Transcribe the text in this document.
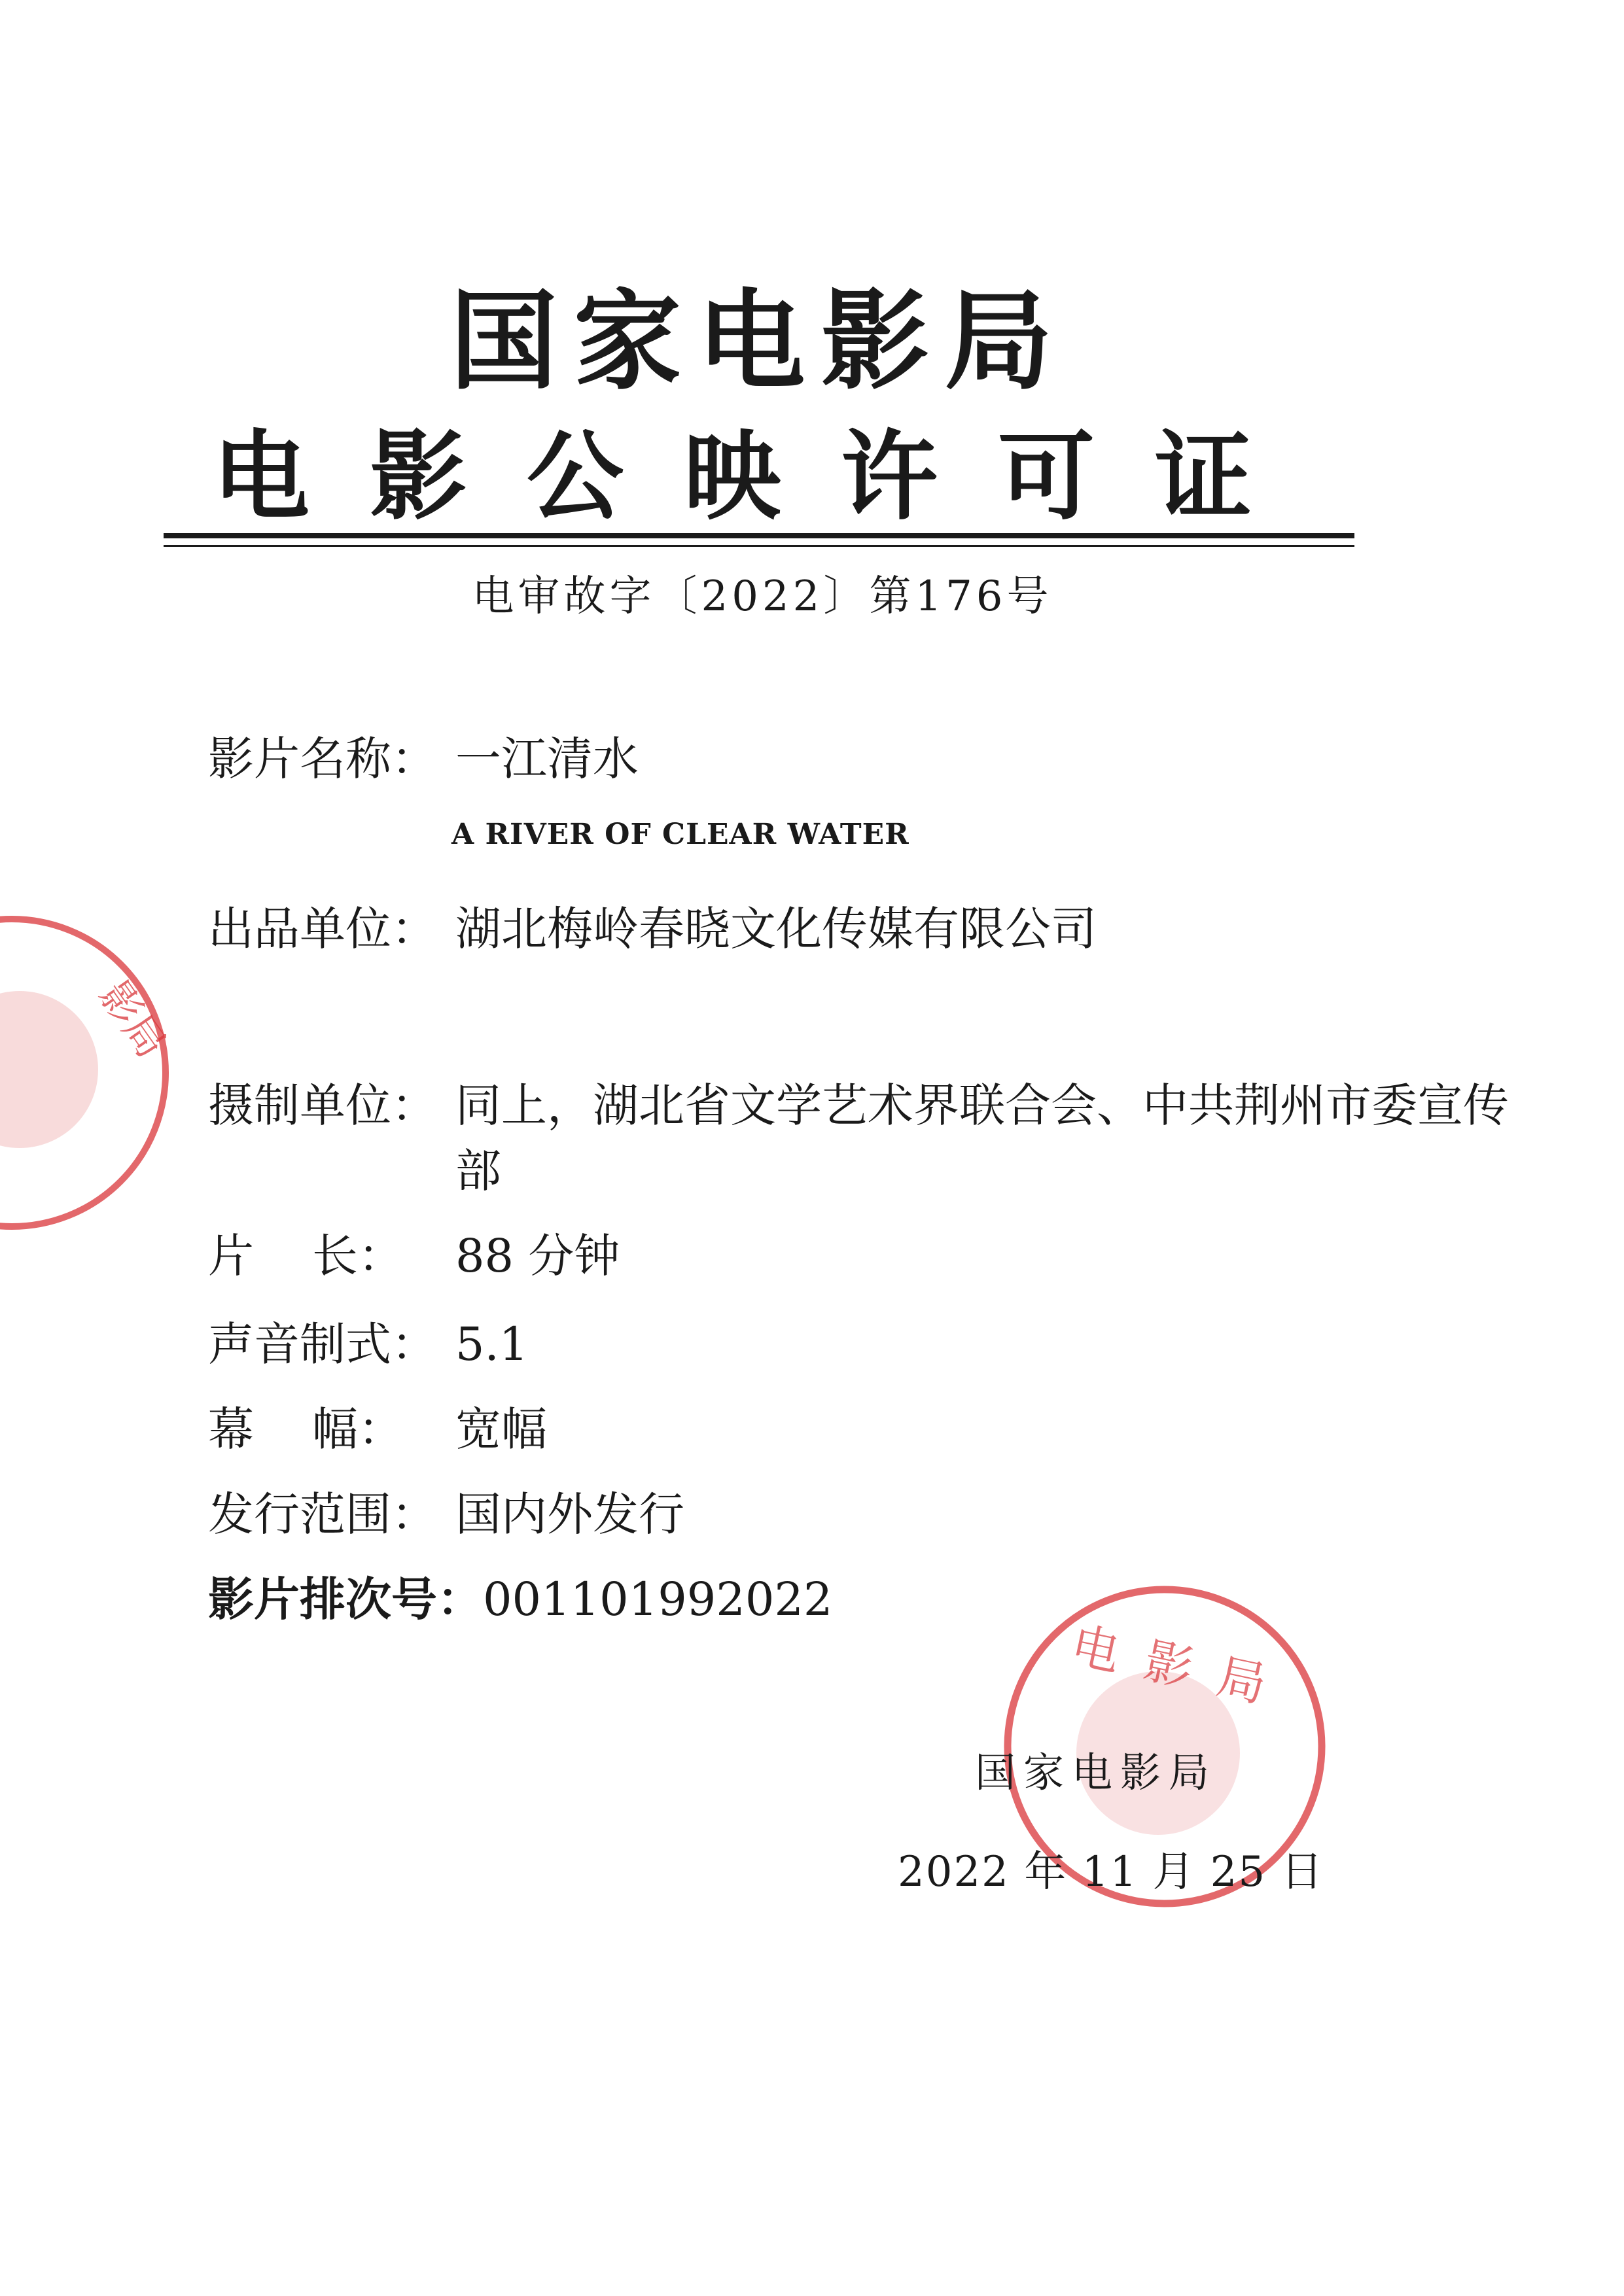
国家电影局
电影公映许可证
电审故字〔2022〕第176号
影片名称： 一江清水
A RIVER OF CLEAR WATER
出品单位： 湖北梅岭春晓文化传媒有限公司
摄制单位： 同上，湖北省文学艺术界联合会、中共荆州市委宣传部
片    长： 88 分钟
声音制式： 5.1
幕    幅： 宽幅
发行范围： 国内外发行
影片排次号：001101992022
影局
电影局
国家电影局
2022 年 11 月 25 日
